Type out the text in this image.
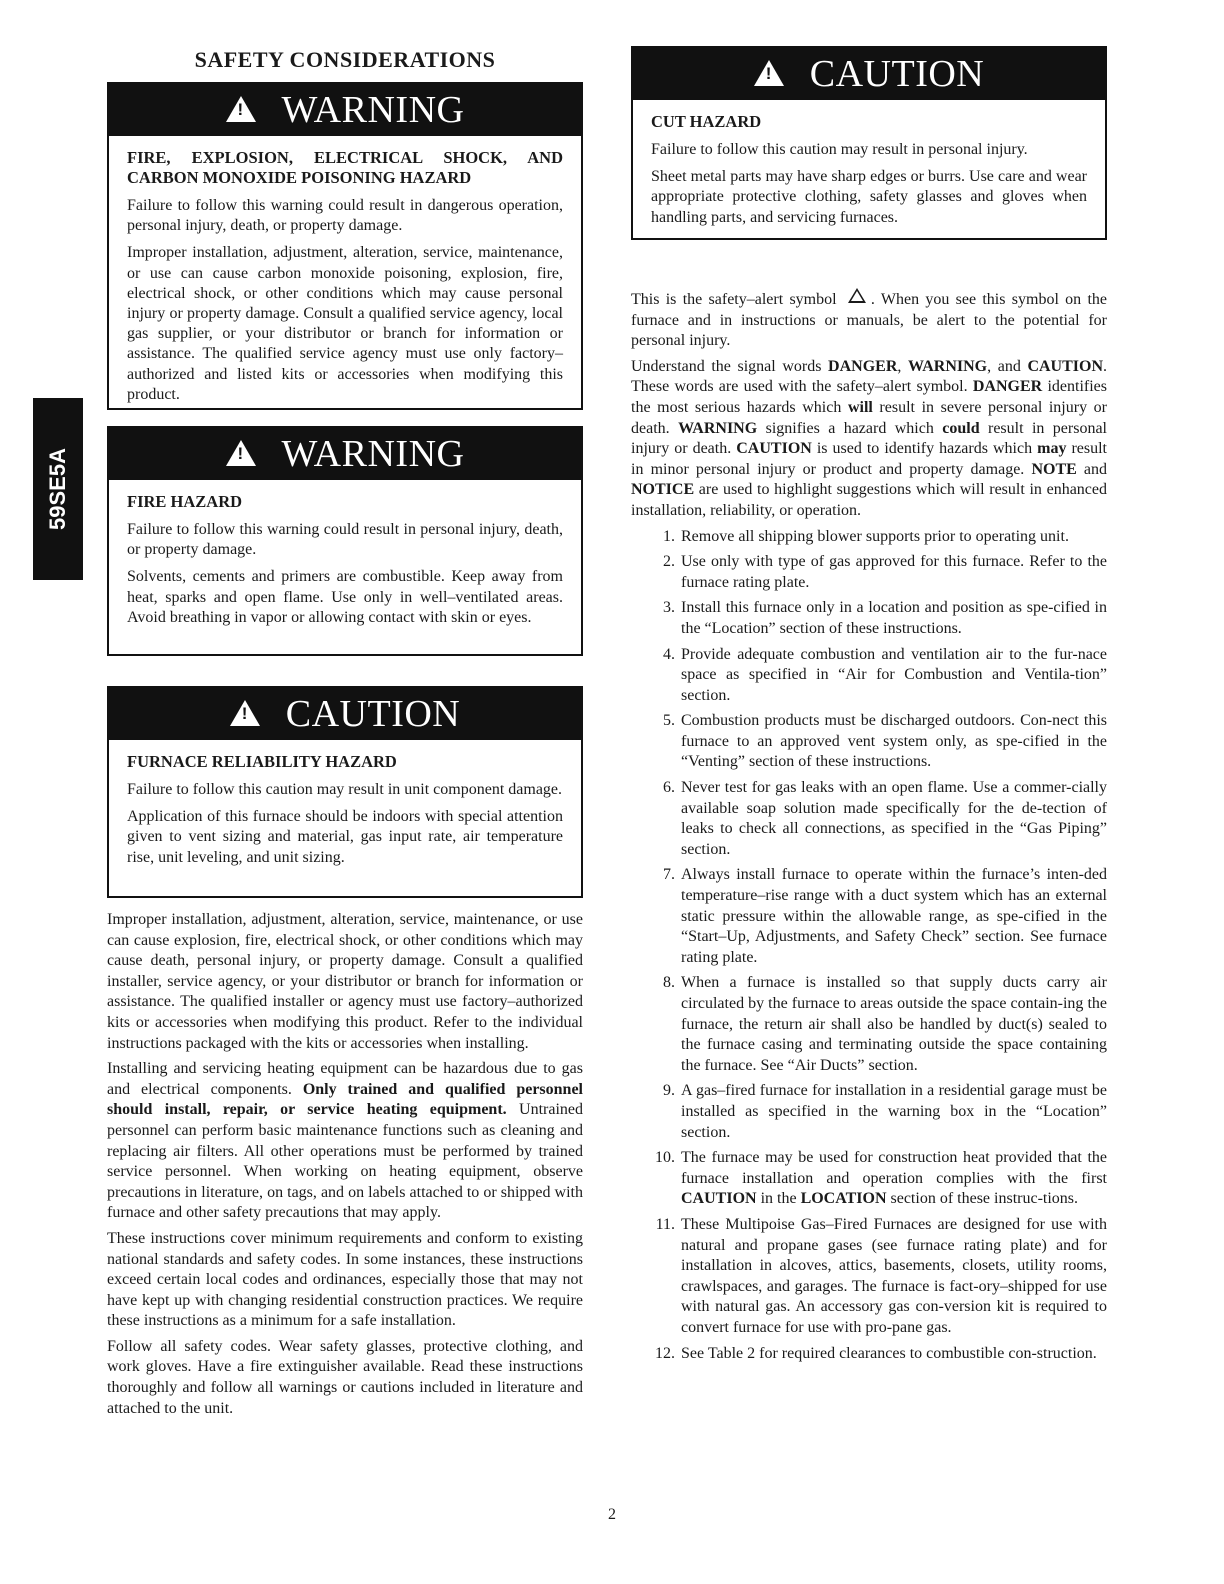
59SE5A
SAFETY CONSIDERATIONS
!WARNING

FIRE, EXPLOSION, ELECTRICAL SHOCK, AND CARBON MONOXIDE POISONING HAZARD

Failure to follow this warning could result in dangerous operation, personal injury, death, or property damage.

Improper installation, adjustment, alteration, service, maintenance, or use can cause carbon monoxide poisoning, explosion, fire, electrical shock, or other conditions which may cause personal injury or property damage. Consult a qualified service agency, local gas supplier, or your distributor or branch for information or assistance. The qualified service agency must use only factory–authorized and listed kits or accessories when modifying this product.

!WARNING

FIRE HAZARD

Failure to follow this warning could result in personal injury, death, or property damage.

Solvents, cements and primers are combustible. Keep away from heat, sparks and open flame. Use only in well–ventilated areas. Avoid breathing in vapor or allowing contact with skin or eyes.

!CAUTION

FURNACE RELIABILITY HAZARD

Failure to follow this caution may result in unit component damage.

Application of this furnace should be indoors with special attention given to vent sizing and material, gas input rate, air temperature rise, unit leveling, and unit sizing.

Improper installation, adjustment, alteration, service, maintenance, or use can cause explosion, fire, electrical shock, or other conditions which may cause death, personal injury, or property damage. Consult a qualified installer, service agency, or your distributor or branch for information or assistance. The qualified installer or agency must use factory–authorized kits or accessories when modifying this product. Refer to the individual instructions packaged with the kits or accessories when installing.

Installing and servicing heating equipment can be hazardous due to gas and electrical components. Only trained and qualified personnel should install, repair, or service heating equipment. Untrained personnel can perform basic maintenance functions such as cleaning and replacing air filters. All other operations must be performed by trained service personnel. When working on heating equipment, observe precautions in literature, on tags, and on labels attached to or shipped with furnace and other safety precautions that may apply.

These instructions cover minimum requirements and conform to existing national standards and safety codes. In some instances, these instructions exceed certain local codes and ordinances, especially those that may not have kept up with changing residential construction practices. We require these instructions as a minimum for a safe installation.

Follow all safety codes. Wear safety glasses, protective clothing, and work gloves. Have a fire extinguisher available. Read these instructions thoroughly and follow all warnings or cautions included in literature and attached to the unit.

!CAUTION

CUT HAZARD

Failure to follow this caution may result in personal injury.

Sheet metal parts may have sharp edges or burrs. Use care and wear appropriate protective clothing, safety glasses and gloves when handling parts, and servicing furnaces.

This is the safety–alert symbol . When you see this symbol on the furnace and in instructions or manuals, be alert to the potential for personal injury.

Understand the signal words DANGER, WARNING, and CAUTION. These words are used with the safety–alert symbol. DANGER identifies the most serious hazards which will result in severe personal injury or death. WARNING signifies a hazard which could result in personal injury or death. CAUTION is used to identify hazards which may result in minor personal injury or product and property damage. NOTE and NOTICE are used to highlight suggestions which will result in enhanced installation, reliability, or operation.

1. Remove all shipping blower supports prior to operating unit.
2. Use only with type of gas approved for this furnace. Refer to the furnace rating plate.
3. Install this furnace only in a location and position as spe-cified in the “Location” section of these instructions.
4. Provide adequate combustion and ventilation air to the fur-nace space as specified in “Air for Combustion and Ventila-tion” section.
5. Combustion products must be discharged outdoors. Con-nect this furnace to an approved vent system only, as spe-cified in the “Venting” section of these instructions.
6. Never test for gas leaks with an open flame. Use a commer-cially available soap solution made specifically for the de-tection of leaks to check all connections, as specified in the “Gas Piping” section.
7. Always install furnace to operate within the furnace’s inten-ded temperature–rise range with a duct system which has an external static pressure within the allowable range, as spe-cified in the “Start–Up, Adjustments, and Safety Check” section. See furnace rating plate.
8. When a furnace is installed so that supply ducts carry air circulated by the furnace to areas outside the space contain-ing the furnace, the return air shall also be handled by duct(s) sealed to the furnace casing and terminating outside the space containing the furnace. See “Air Ducts” section.
9. A gas–fired furnace for installation in a residential garage must be installed as specified in the warning box in the “Location” section.
10. The furnace may be used for construction heat provided that the furnace installation and operation complies with the first CAUTION in the LOCATION section of these instruc-tions.
11. These Multipoise Gas–Fired Furnaces are designed for use with natural and propane gases (see furnace rating plate) and for installation in alcoves, attics, basements, closets, utility rooms, crawlspaces, and garages. The furnace is fact-ory–shipped for use with natural gas. An accessory gas con-version kit is required to convert furnace for use with pro-pane gas.
12. See Table 2 for required clearances to combustible con-struction.
2
